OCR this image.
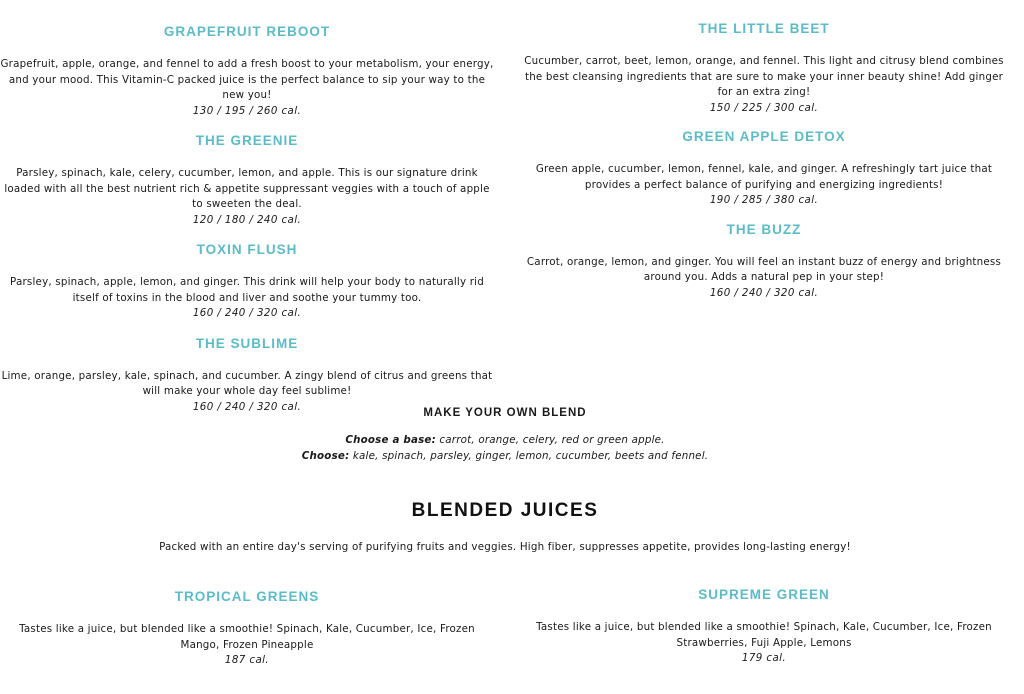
GRAPEFRUIT REBOOT

Grapefruit, apple, orange, and fennel to add a fresh boost to your metabolism, your energy, and your mood. This Vitamin-C packed juice is the perfect balance to sip your way to the new you!

130 / 195 / 260 cal.

THE GREENIE

Parsley, spinach, kale, celery, cucumber, lemon, and apple. This is our signature drink loaded with all the best nutrient rich & appetite suppressant veggies with a touch of apple to sweeten the deal.

120 / 180 / 240 cal.

TOXIN FLUSH

Parsley, spinach, apple, lemon, and ginger. This drink will help your body to naturally rid itself of toxins in the blood and liver and soothe your tummy too.

160 / 240 / 320 cal.

THE SUBLIME

Lime, orange, parsley, kale, spinach, and cucumber. A zingy blend of citrus and greens that will make your whole day feel sublime!

160 / 240 / 320 cal.

THE LITTLE BEET

Cucumber, carrot, beet, lemon, orange, and fennel. This light and citrusy blend combines the best cleansing ingredients that are sure to make your inner beauty shine! Add ginger for an extra zing!

150 / 225 / 300 cal.

GREEN APPLE DETOX

Green apple, cucumber, lemon, fennel, kale, and ginger. A refreshingly tart juice that provides a perfect balance of purifying and energizing ingredients!

190 / 285 / 380 cal.

THE BUZZ

Carrot, orange, lemon, and ginger. You will feel an instant buzz of energy and brightness around you. Adds a natural pep in your step!

160 / 240 / 320 cal.

MAKE YOUR OWN BLEND

Choose a base: carrot, orange, celery, red or green apple.

Choose: kale, spinach, parsley, ginger, lemon, cucumber, beets and fennel.

BLENDED JUICES

Packed with an entire day's serving of purifying fruits and veggies. High fiber, suppresses appetite, provides long-lasting energy!

TROPICAL GREENS

Tastes like a juice, but blended like a smoothie! Spinach, Kale, Cucumber, Ice, Frozen Mango, Frozen Pineapple

187 cal.

SUPREME GREEN

Tastes like a juice, but blended like a smoothie! Spinach, Kale, Cucumber, Ice, Frozen Strawberries, Fuji Apple, Lemons

179 cal.
